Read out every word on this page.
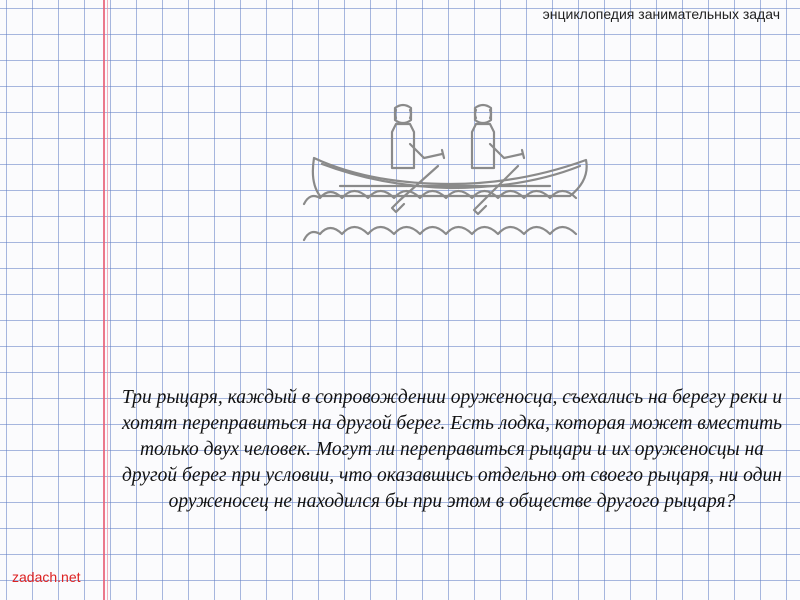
энциклопедия занимательных задач
Три рыцаря, каждый в сопровождении оруженосца, съехались на берегу реки и хотят переправиться на другой берег. Есть лодка, которая может вместить только двух человек. Могут ли переправиться рыцари и их оруженосцы на другой берег при условии, что оказавшись отдельно от своего рыцаря, ни один оруженосец не находился бы при этом в обществе другого рыцаря?
zadach.net
